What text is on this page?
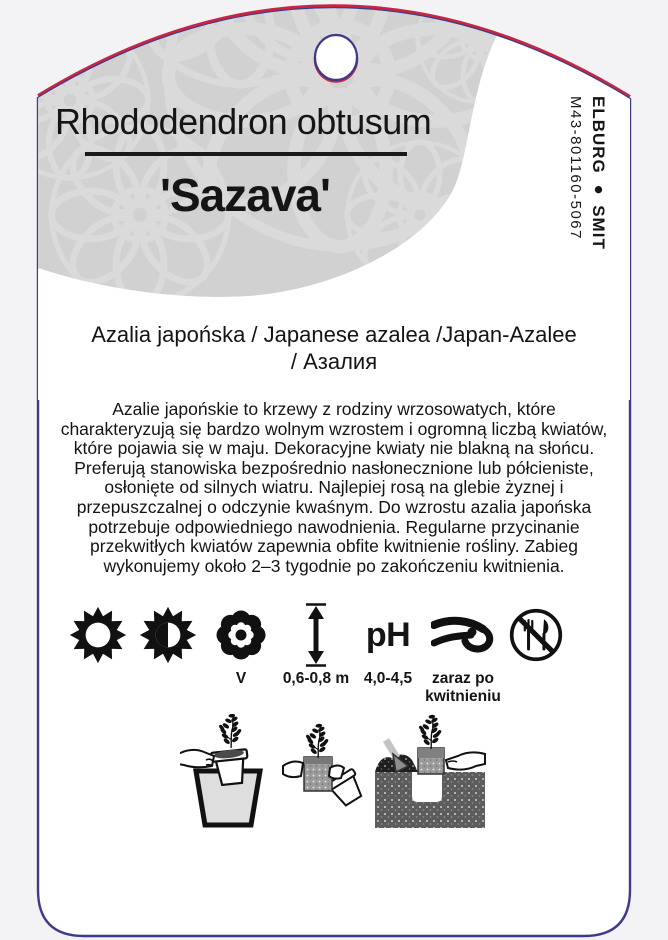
Rhododendron obtusum
'Sazava'
Azalia japońska / Japanese azalea /Japan-Azalee
/ Азалия
Azalie japońskie to krzewy z rodziny wrzosowatych, które charakteryzują się bardzo wolnym wzrostem i ogromną liczbą kwiatów, które pojawia się w maju. Dekoracyjne kwiaty nie blakną na słońcu. Preferują stanowiska bezpośrednio nasłonecznione lub półcieniste, osłonięte od silnych wiatru. Najlepiej rosą na glebie żyznej i przepuszczalnej o odczynie kwaśnym. Do wzrostu azalia japońska potrzebuje odpowiedniego nawodnienia. Regularne przycinanie przekwitłych kwiatów zapewnia obfite kwitnienie rośliny. Zabieg wykonujemy około 2–3 tygodnie po zakończeniu kwitnienia.
ELBURG ● SMIT
M43-801160-5067
V 0,6-0,8 m
pH
4,0-4,5	zaraz po
kwitnieniu
